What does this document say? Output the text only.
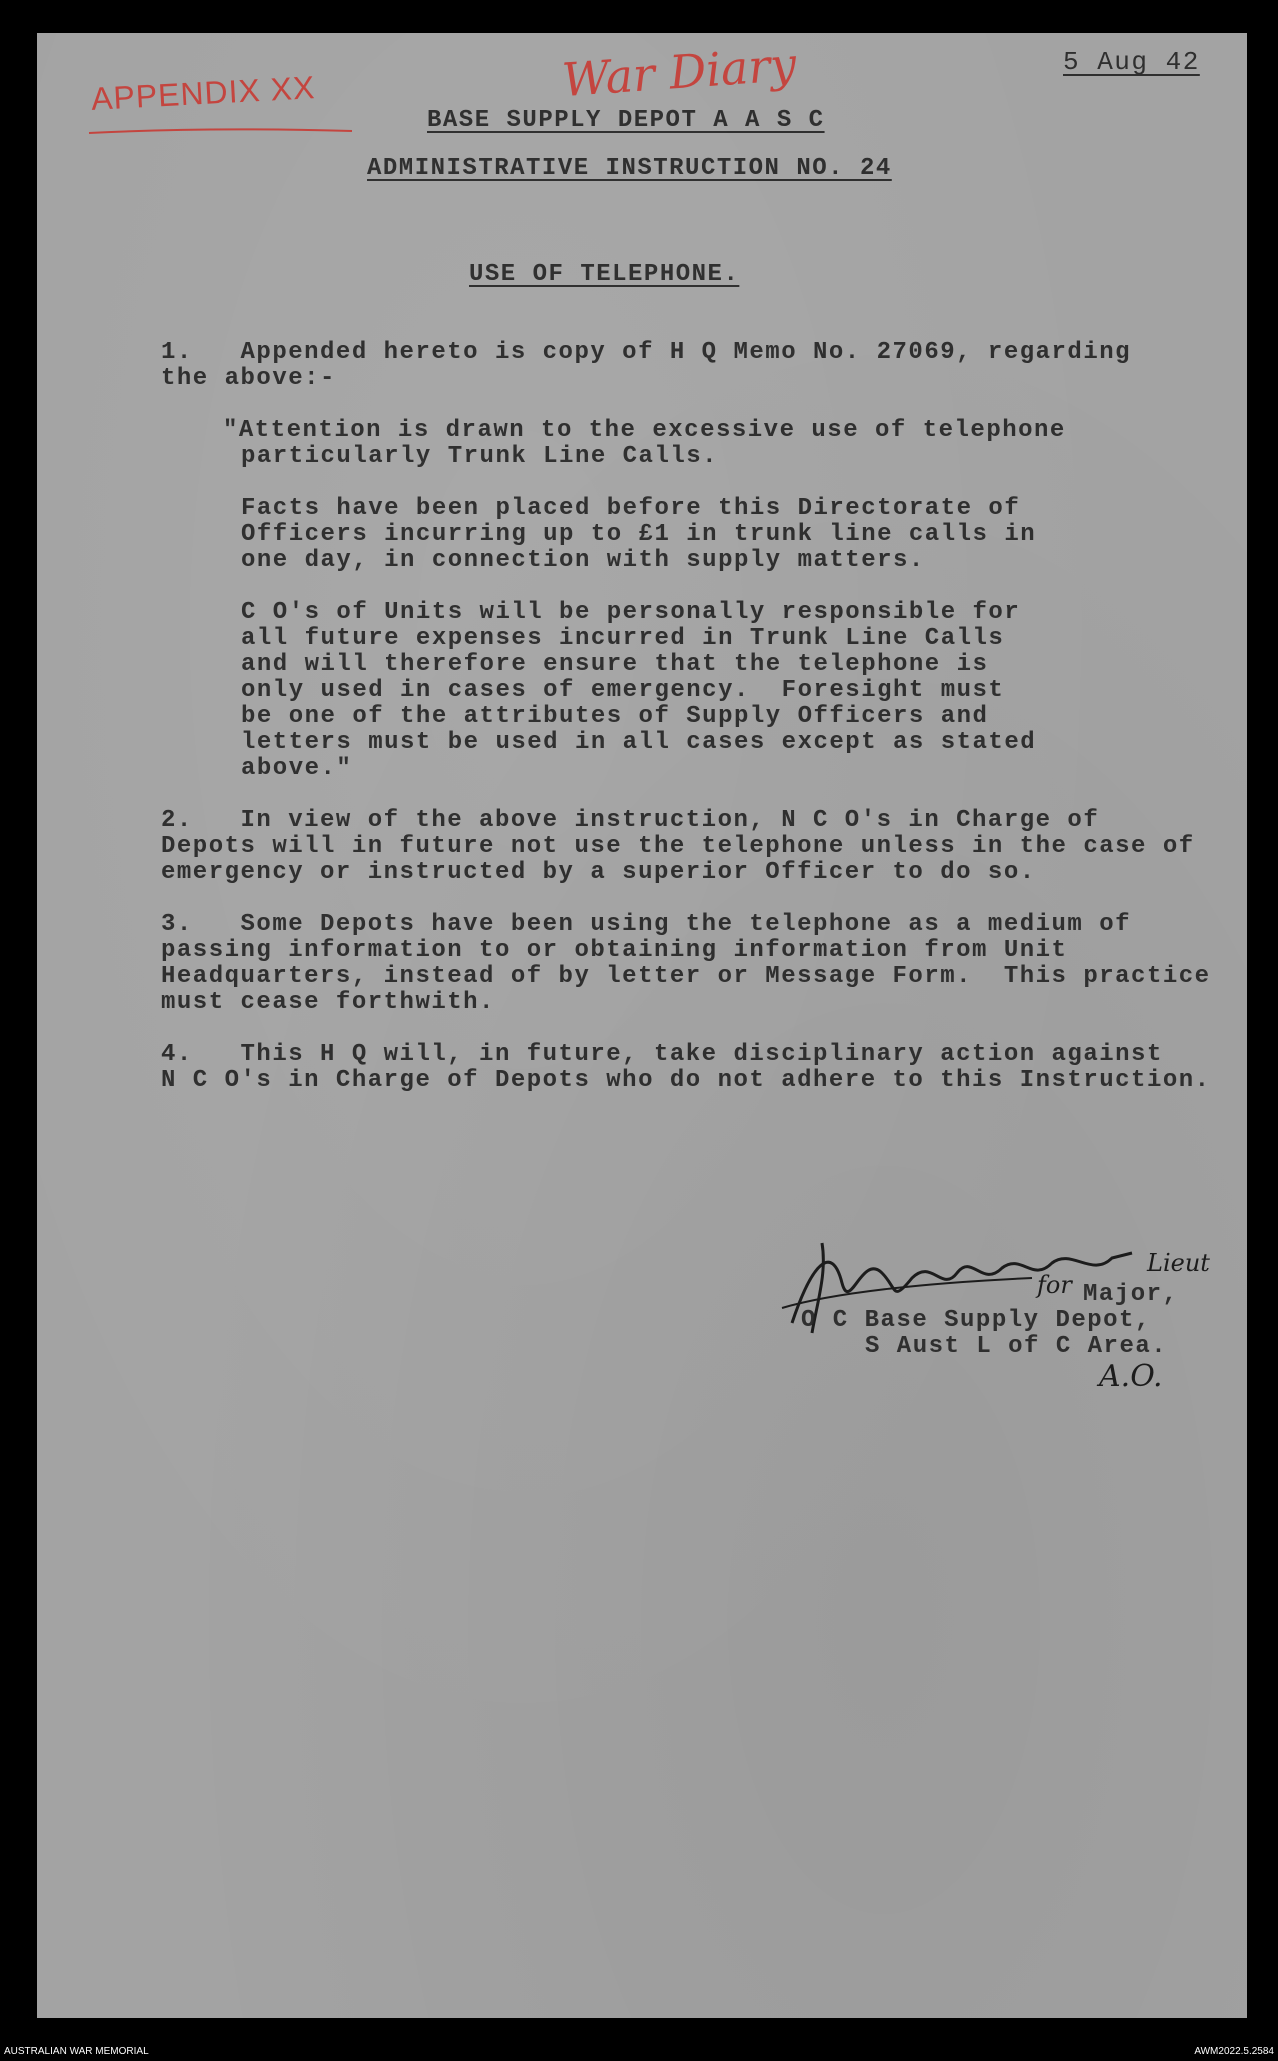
APPENDIX XX	War Diary	5 Aug 42
BASE SUPPLY DEPOT A A S C
ADMINISTRATIVE INSTRUCTION NO. 24
USE OF TELEPHONE.
1.   Appended hereto is copy of H Q Memo No. 27069, regarding
the above:-
"Attention is drawn to the excessive use of telephone
particularly Trunk Line Calls.
Facts have been placed before this Directorate of
Officers incurring up to £1 in trunk line calls in
one day, in connection with supply matters.
C O's of Units will be personally responsible for
all future expenses incurred in Trunk Line Calls
and will therefore ensure that the telephone is
only used in cases of emergency.  Foresight must
be one of the attributes of Supply Officers and
letters must be used in all cases except as stated
above."
2.   In view of the above instruction, N C O's in Charge of
Depots will in future not use the telephone unless in the case of
emergency or instructed by a superior Officer to do so.
3.   Some Depots have been using the telephone as a medium of
passing information to or obtaining information from Unit
Headquarters, instead of by letter or Message Form.  This practice
must cease forthwith.
4.   This H Q will, in future, take disciplinary action against
N C O's in Charge of Depots who do not adhere to this Instruction.
for
Lieut
Major,
O C Base Supply Depot,
S Aust L of C Area.
A.O.
AUSTRALIAN WAR MEMORIAL	AWM2022.5.2584
